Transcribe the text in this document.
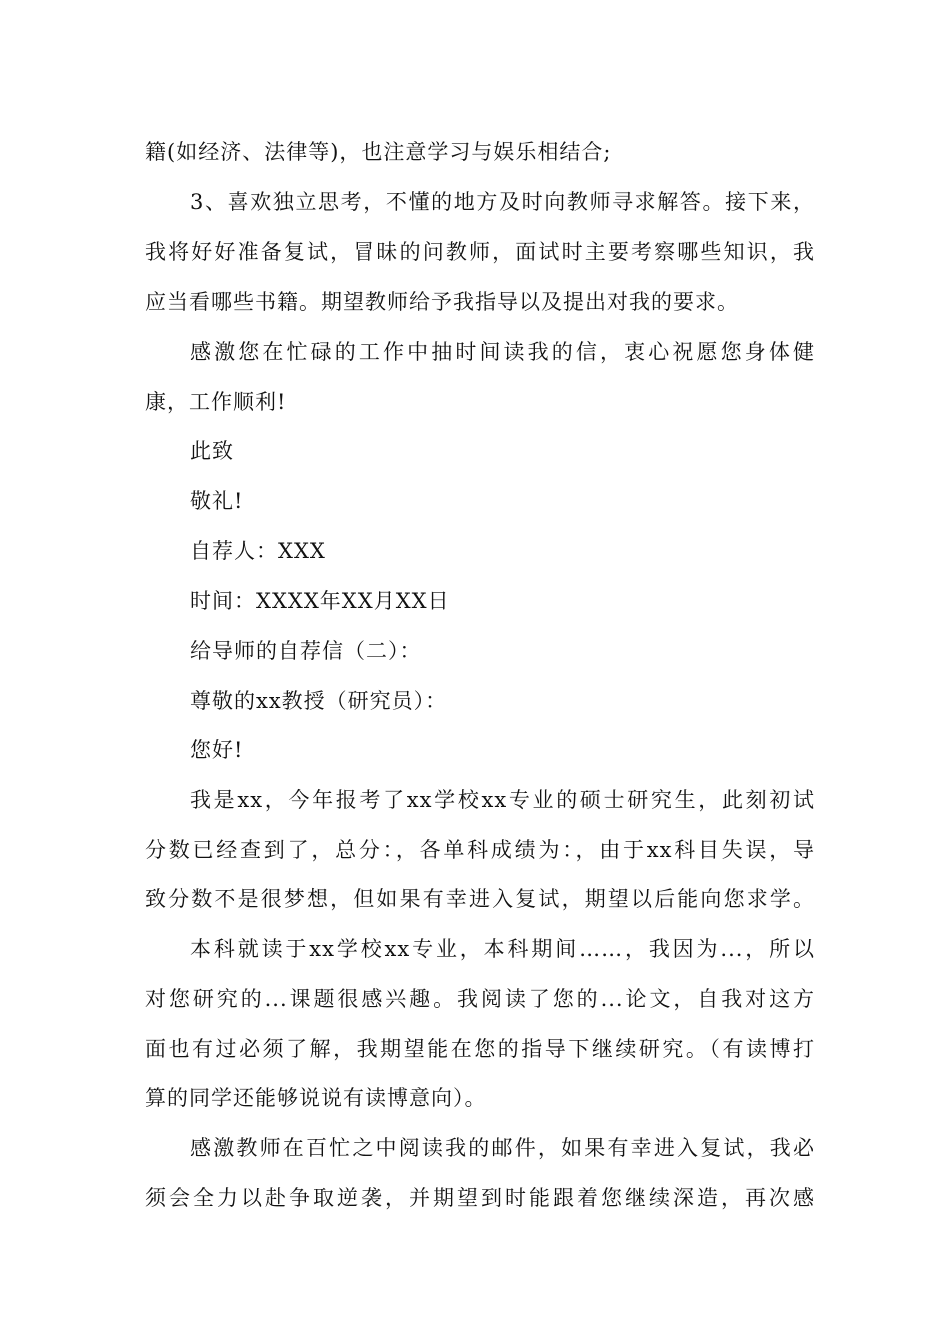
籍(如经济、法律等)，也注意学习与娱乐相结合;
3、喜欢独立思考，不懂的地方及时向教师寻求解答。接下来，
我将好好准备复试，冒昧的问教师，面试时主要考察哪些知识，我
应当看哪些书籍。期望教师给予我指导以及提出对我的要求。
感激您在忙碌的工作中抽时间读我的信，衷心祝愿您身体健
康，工作顺利!
此致
敬礼!
自荐人：XXX
时间：XXXX年XX月XX日
给导师的自荐信（二）：
尊敬的xx教授（研究员）：
您好!
我是xx，今年报考了xx学校xx专业的硕士研究生，此刻初试
分数已经查到了，总分：，各单科成绩为：，由于xx科目失误，导
致分数不是很梦想，但如果有幸进入复试，期望以后能向您求学。
本科就读于xx学校xx专业，本科期间……，我因为...，所以
对您研究的...课题很感兴趣。我阅读了您的...论文，自我对这方
面也有过必须了解，我期望能在您的指导下继续研究。（有读博打
算的同学还能够说说有读博意向）。
感激教师在百忙之中阅读我的邮件，如果有幸进入复试，我必
须会全力以赴争取逆袭，并期望到时能跟着您继续深造，再次感
